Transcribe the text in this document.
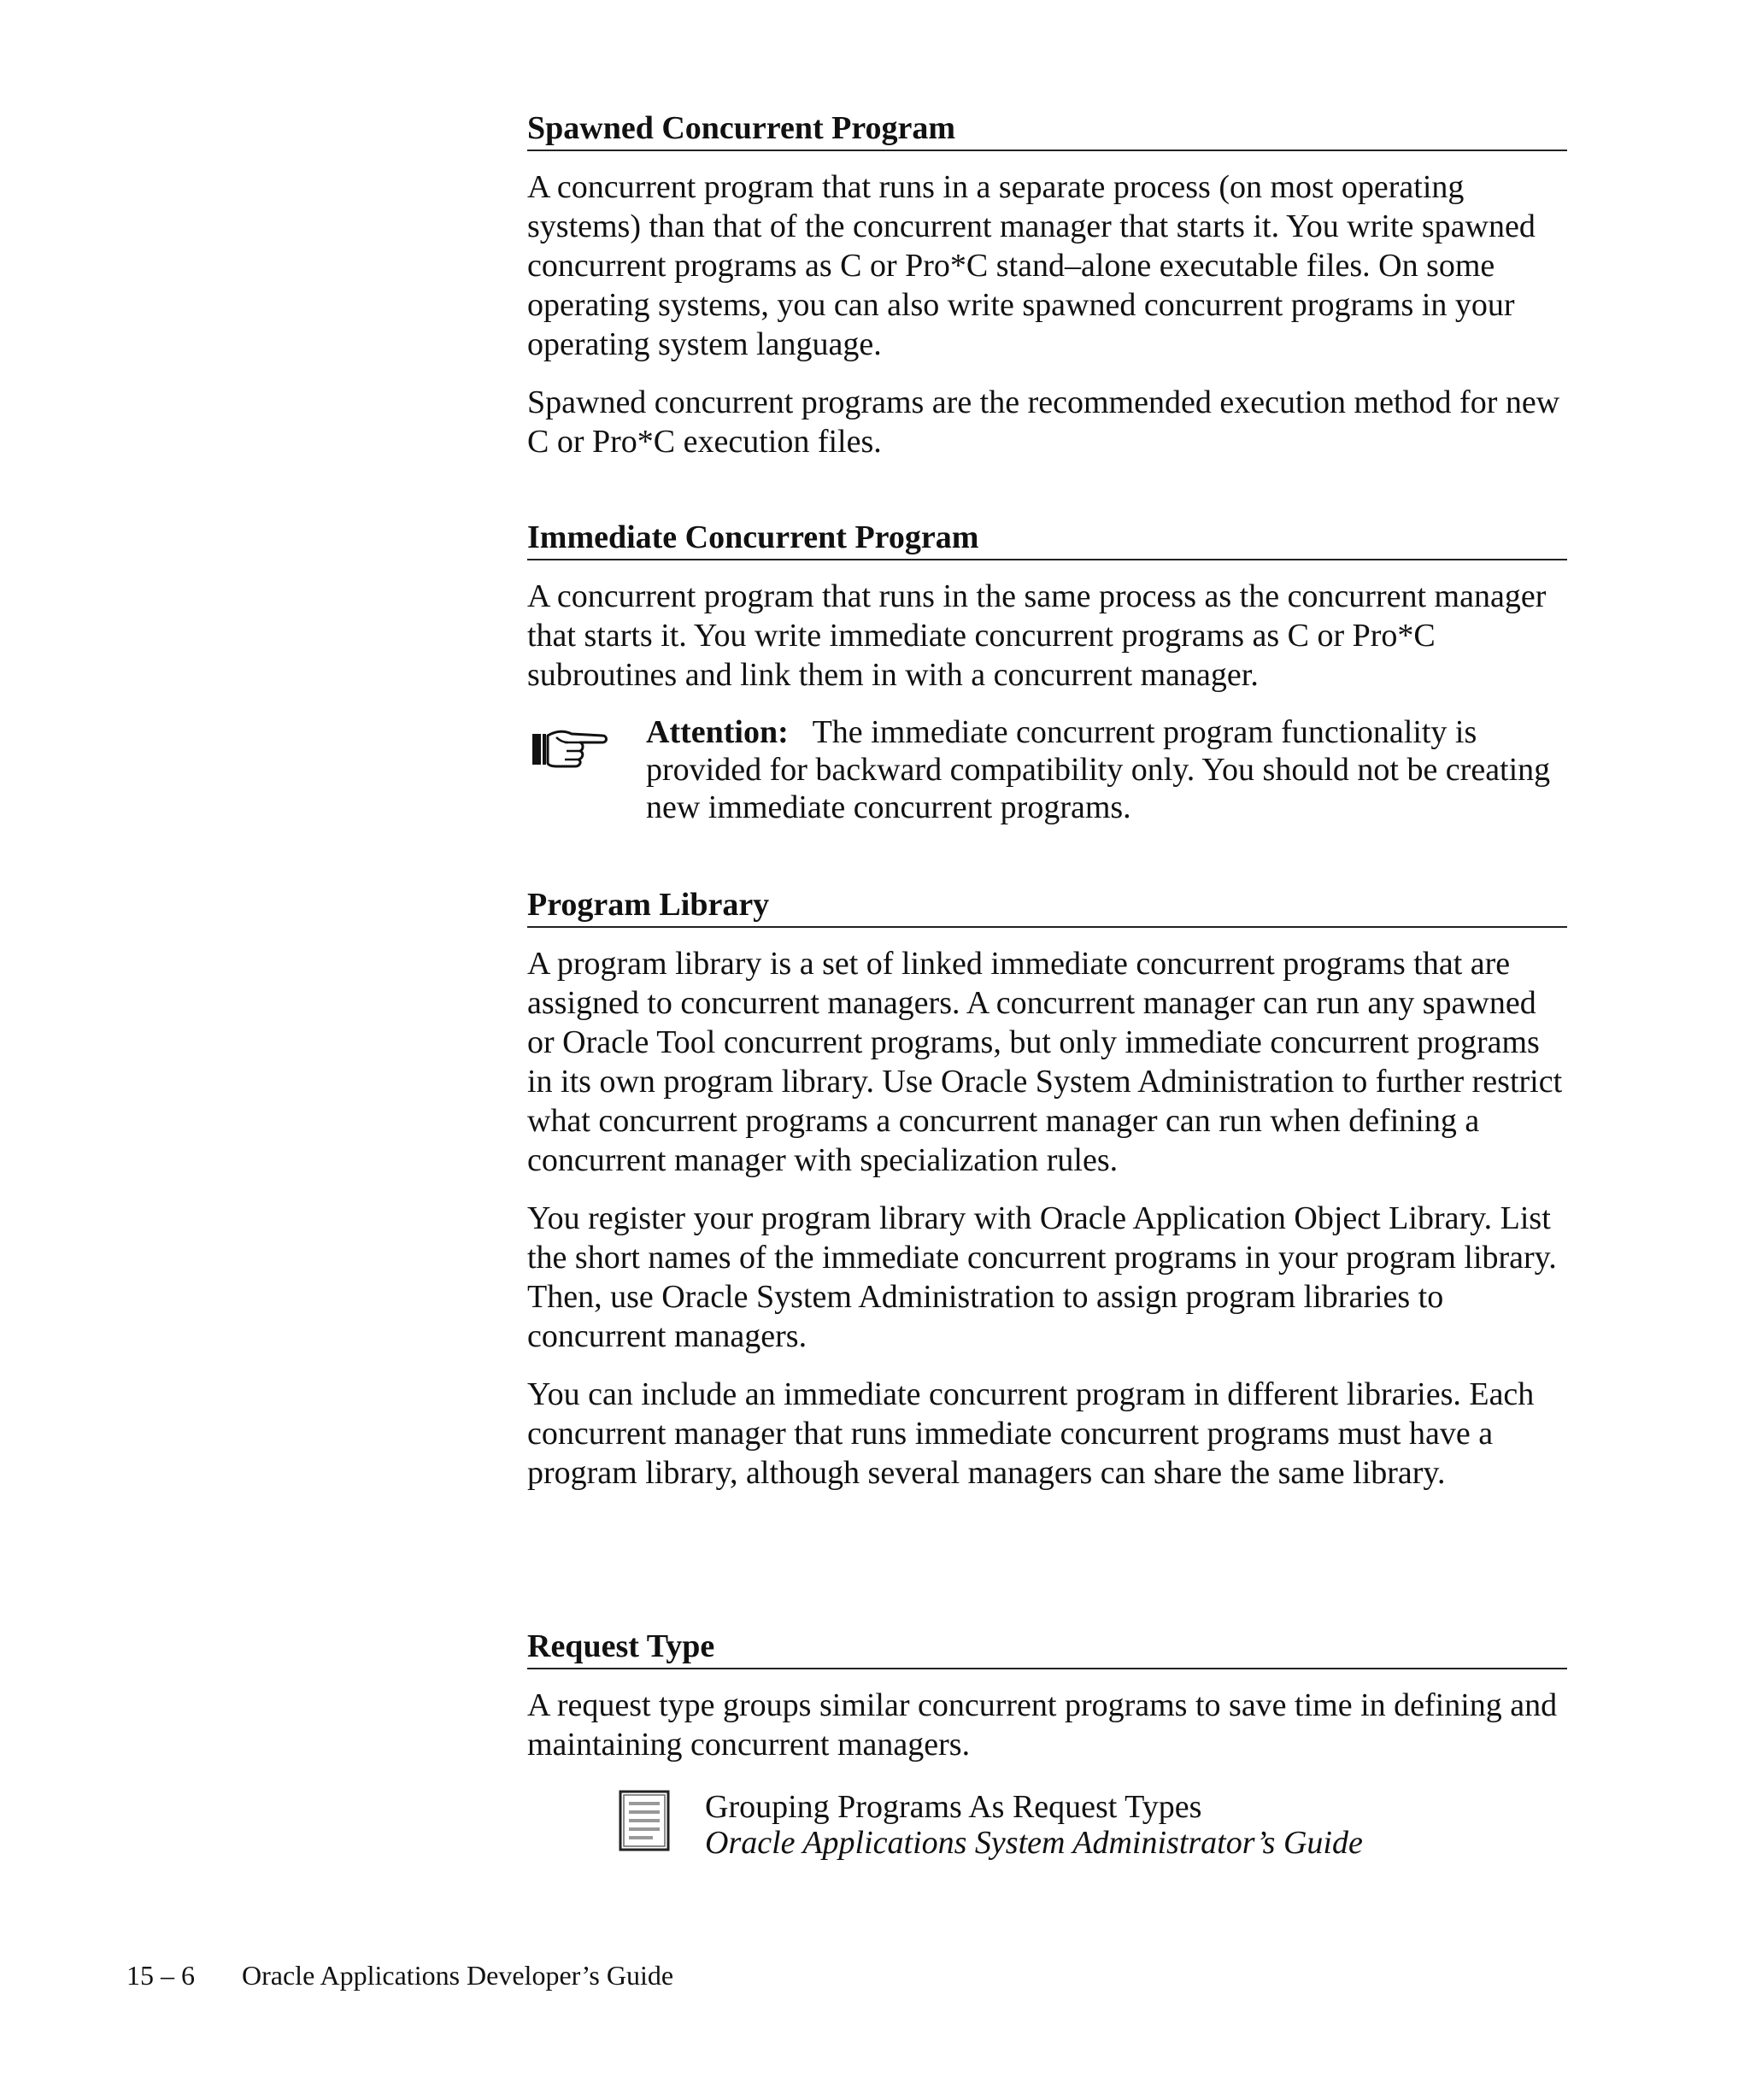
Spawned Concurrent Program

A concurrent program that runs in a separate process (on most operating systems) than that of the concurrent manager that starts it. You write spawned concurrent programs as C or Pro*C stand–alone executable files. On some operating systems, you can also write spawned concurrent programs in your operating system language.

Spawned concurrent programs are the recommended execution method for new C or Pro*C execution files.

Immediate Concurrent Program

A concurrent program that runs in the same process as the concurrent manager that starts it. You write immediate concurrent programs as C or Pro*C subroutines and link them in with a concurrent manager.

Attention: The immediate concurrent program functionality is provided for backward compatibility only. You should not be creating new immediate concurrent programs.

Program Library

A program library is a set of linked immediate concurrent programs that are assigned to concurrent managers. A concurrent manager can run any spawned or Oracle Tool concurrent programs, but only immediate concurrent programs in its own program library. Use Oracle System Administration to further restrict what concurrent programs a concurrent manager can run when defining a concurrent manager with specialization rules.

You register your program library with Oracle Application Object Library. List the short names of the immediate concurrent programs in your program library. Then, use Oracle System Administration to assign program libraries to concurrent managers.

You can include an immediate concurrent program in different libraries. Each concurrent manager that runs immediate concurrent programs must have a program library, although several managers can share the same library.

Request Type

A request type groups similar concurrent programs to save time in defining and maintaining concurrent managers.

Grouping Programs As Request Types
Oracle Applications System Administrator’s Guide
15 – 6 Oracle Applications Developer’s Guide
